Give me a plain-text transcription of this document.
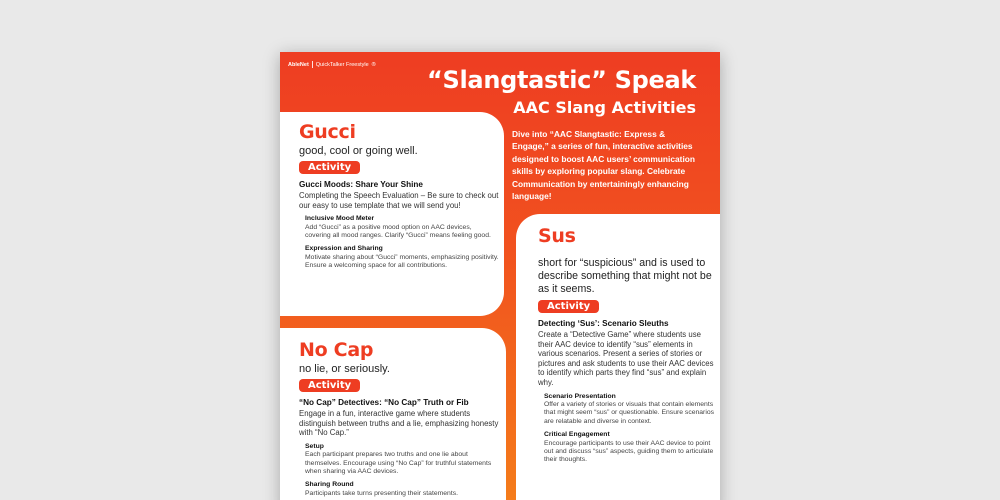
AbleNet QuickTalker Freestyle ®
“Slangtastic” Speak
AAC Slang Activities
Dive into “AAC Slangtastic: Express & Engage,” a series of fun, interactive activities designed to boost AAC users’ communication skills by exploring popular slang. Celebrate Communication by entertainingly enhancing language!
Gucci
good, cool or going well.
Activity
Gucci Moods: Share Your Shine
Completing the Speech Evaluation – Be sure to check out our easy to use template that we will send you!
Inclusive Mood Meter
Add “Gucci” as a positive mood option on AAC devices, covering all mood ranges. Clarify “Gucci” means feeling good.
Expression and Sharing
Motivate sharing about “Gucci” moments, emphasizing positivity. Ensure a welcoming space for all contributions.
No Cap
no lie, or seriously.
Activity
“No Cap” Detectives: “No Cap” Truth or Fib
Engage in a fun, interactive game where students distinguish between truths and a lie, emphasizing honesty with “No Cap.”
Setup
Each participant prepares two truths and one lie about themselves. Encourage using “No Cap” for truthful statements when sharing via AAC devices.
Sharing Round
Participants take turns presenting their statements.
Sus
short for “suspicious” and is used to describe something that might not be as it seems.
Activity
Detecting ‘Sus’: Scenario Sleuths
Create a “Detective Game” where students use their AAC device to identify “sus” elements in various scenarios. Present a series of stories or pictures and ask students to use their AAC devices to identify which parts they find “sus” and explain why.
Scenario Presentation
Offer a variety of stories or visuals that contain elements that might seem “sus” or questionable. Ensure scenarios are relatable and diverse in context.
Critical Engagement
Encourage participants to use their AAC device to point out and discuss “sus” aspects, guiding them to articulate their thoughts.
